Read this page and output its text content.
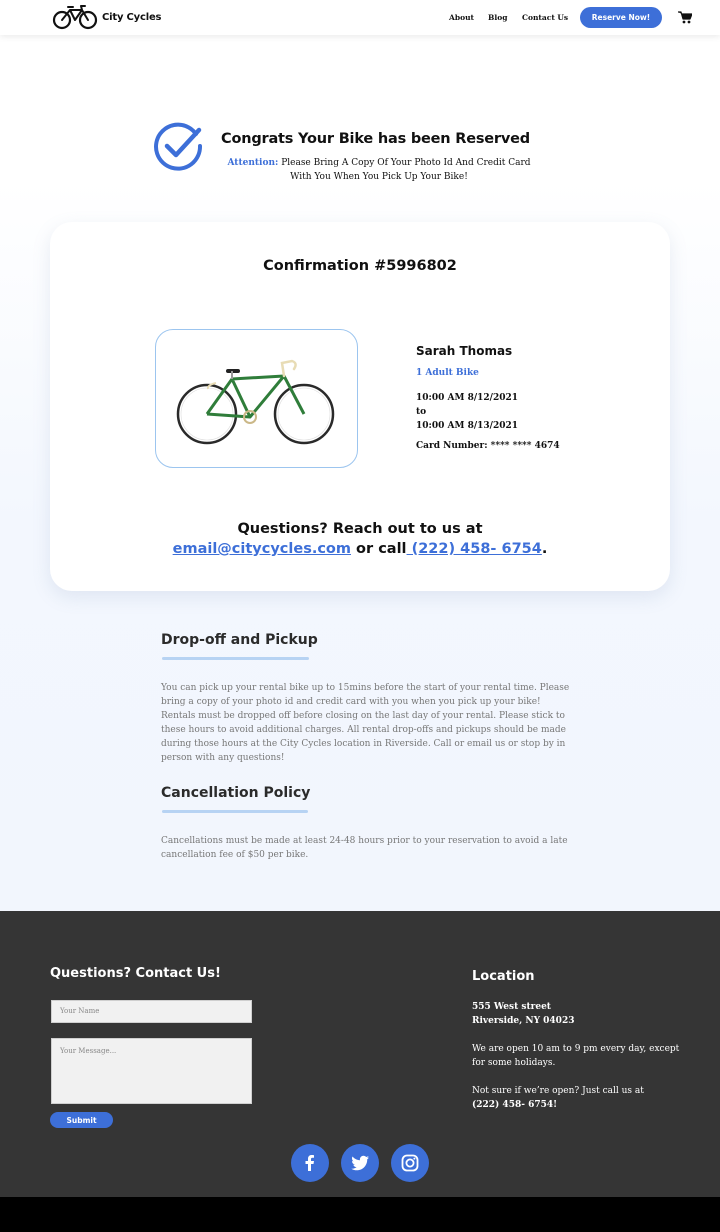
City Cycles	About Blog Contact Us	Reserve Now!
Congrats Your Bike has been Reserved
Attention: Please Bring A Copy Of Your Photo Id And Credit Card With You When You Pick Up Your Bike!
Confirmation #5996802
Sarah Thomas
1 Adult Bike
10:00 AM 8/12/2021
to
10:00 AM 8/13/2021
Card Number: **** **** 4674
Questions? Reach out to us at
email@citycycles.com or call (222) 458- 6754.
Drop-off and Pickup
You can pick up your rental bike up to 15mins before the start of your rental time. Please bring a copy of your photo id and credit card with you when you pick up your bike! Rentals must be dropped off before closing on the last day of your rental. Please stick to these hours to avoid additional charges. All rental drop-offs and pickups should be made during those hours at the City Cycles location in Riverside. Call or email us or stop by in person with any questions!
Cancellation Policy
Cancellations must be made at least 24-48 hours prior to your reservation to avoid a late cancellation fee of $50 per bike.
Questions? Contact Us!
Your Name
Your Message...
Submit
Location
555 West street
Riverside, NY 04023
We are open 10 am to 9 pm every day, except for some holidays.
Not sure if we’re open? Just call us at
(222) 458- 6754!
